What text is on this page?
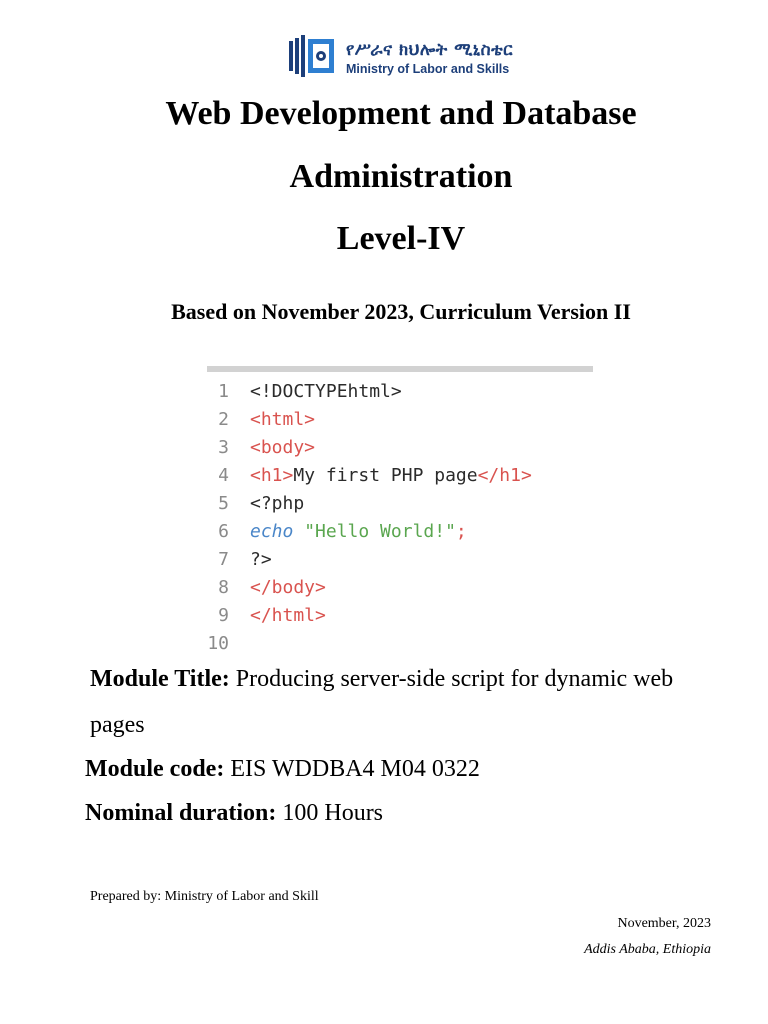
የሥራና ክህሎት ሚኒስቴር
Ministry of Labor and Skills
Web Development and Database
Administration
Level-IV
Based on November 2023, Curriculum Version II
1 <!DOCTYPEhtml>
2 <html>
3 <body>
4 <h1>My first PHP page</h1>
5 <?php
6 echo "Hello World!";
7 ?>
8 </body>
9 </html>
10
Module Title: Producing server-side script for dynamic web
pages
Module code: EIS WDDBA4 M04 0322
Nominal duration: 100 Hours
Prepared by: Ministry of Labor and Skill
November, 2023
Addis Ababa, Ethiopia
